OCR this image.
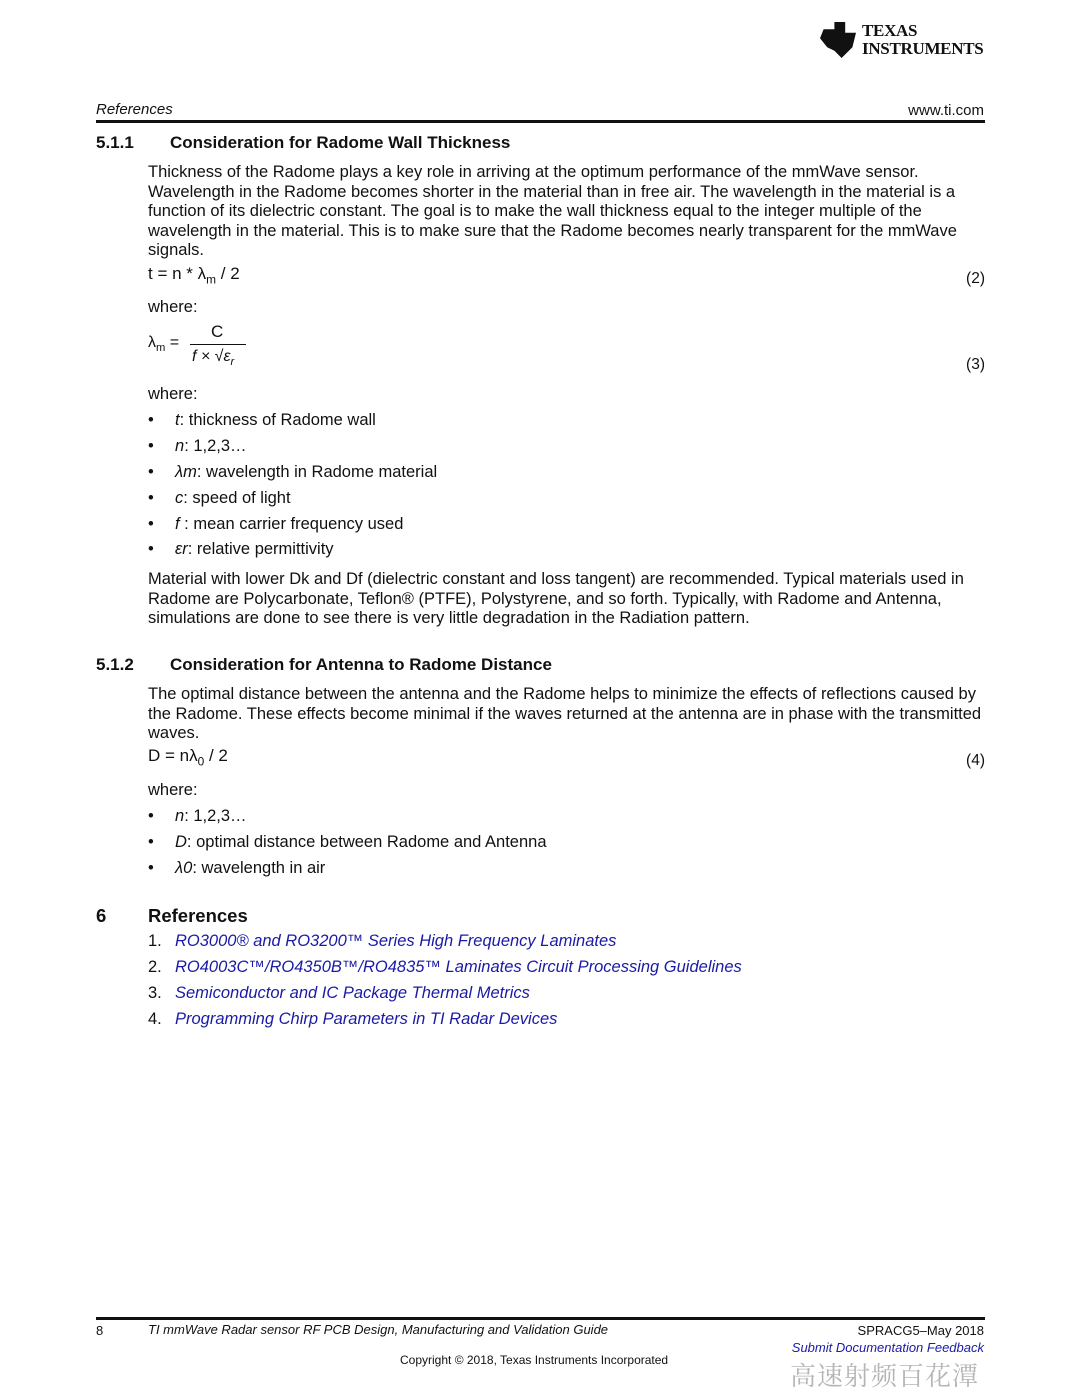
TEXAS
INSTRUMENTS
References	www.ti.com
5.1.1 Consideration for Radome Wall Thickness
Thickness of the Radome plays a key role in arriving at the optimum performance of the mmWave sensor. Wavelength in the Radome becomes shorter in the material than in free air. The wavelength in the material is a function of its dielectric constant. The goal is to make the wall thickness equal to the integer multiple of the wavelength in the material. This is to make sure that the Radome becomes nearly transparent for the mmWave signals.
$t = n * \lambda_m / 2$	(2)
where:
$\lambda_m$ =
C
$f \times √\varepsilon_r$	(3)
where:
• t: thickness of Radome wall
• n: 1,2,3…
• λm: wavelength in Radome material
• c: speed of light
• f : mean carrier frequency used
• εr: relative permittivity
Material with lower Dk and Df (dielectric constant and loss tangent) are recommended. Typical materials used in Radome are Polycarbonate, Teflon® (PTFE), Polystyrene, and so forth. Typically, with Radome and Antenna, simulations are done to see there is very little degradation in the Radiation pattern.
5.1.2 Consideration for Antenna to Radome Distance
The optimal distance between the antenna and the Radome helps to minimize the effects of reflections caused by the Radome. These effects become minimal if the waves returned at the antenna are in phase with the transmitted waves.
$D = n\lambda_0 / 2$	(4)
where:
• n: 1,2,3…
• D: optimal distance between Radome and Antenna
• λ0: wavelength in air
6 References
1. RO3000® and RO3200™ Series High Frequency Laminates
2. RO4003C™/RO4350B™/RO4835™ Laminates Circuit Processing Guidelines
3. Semiconductor and IC Package Thermal Metrics
4. Programming Chirp Parameters in TI Radar Devices
8	TI mmWave Radar sensor RF PCB Design, Manufacturing and Validation Guide	SPRACG5–May 2018
Submit Documentation Feedback
Copyright © 2018, Texas Instruments Incorporated
高速射频百花潭
